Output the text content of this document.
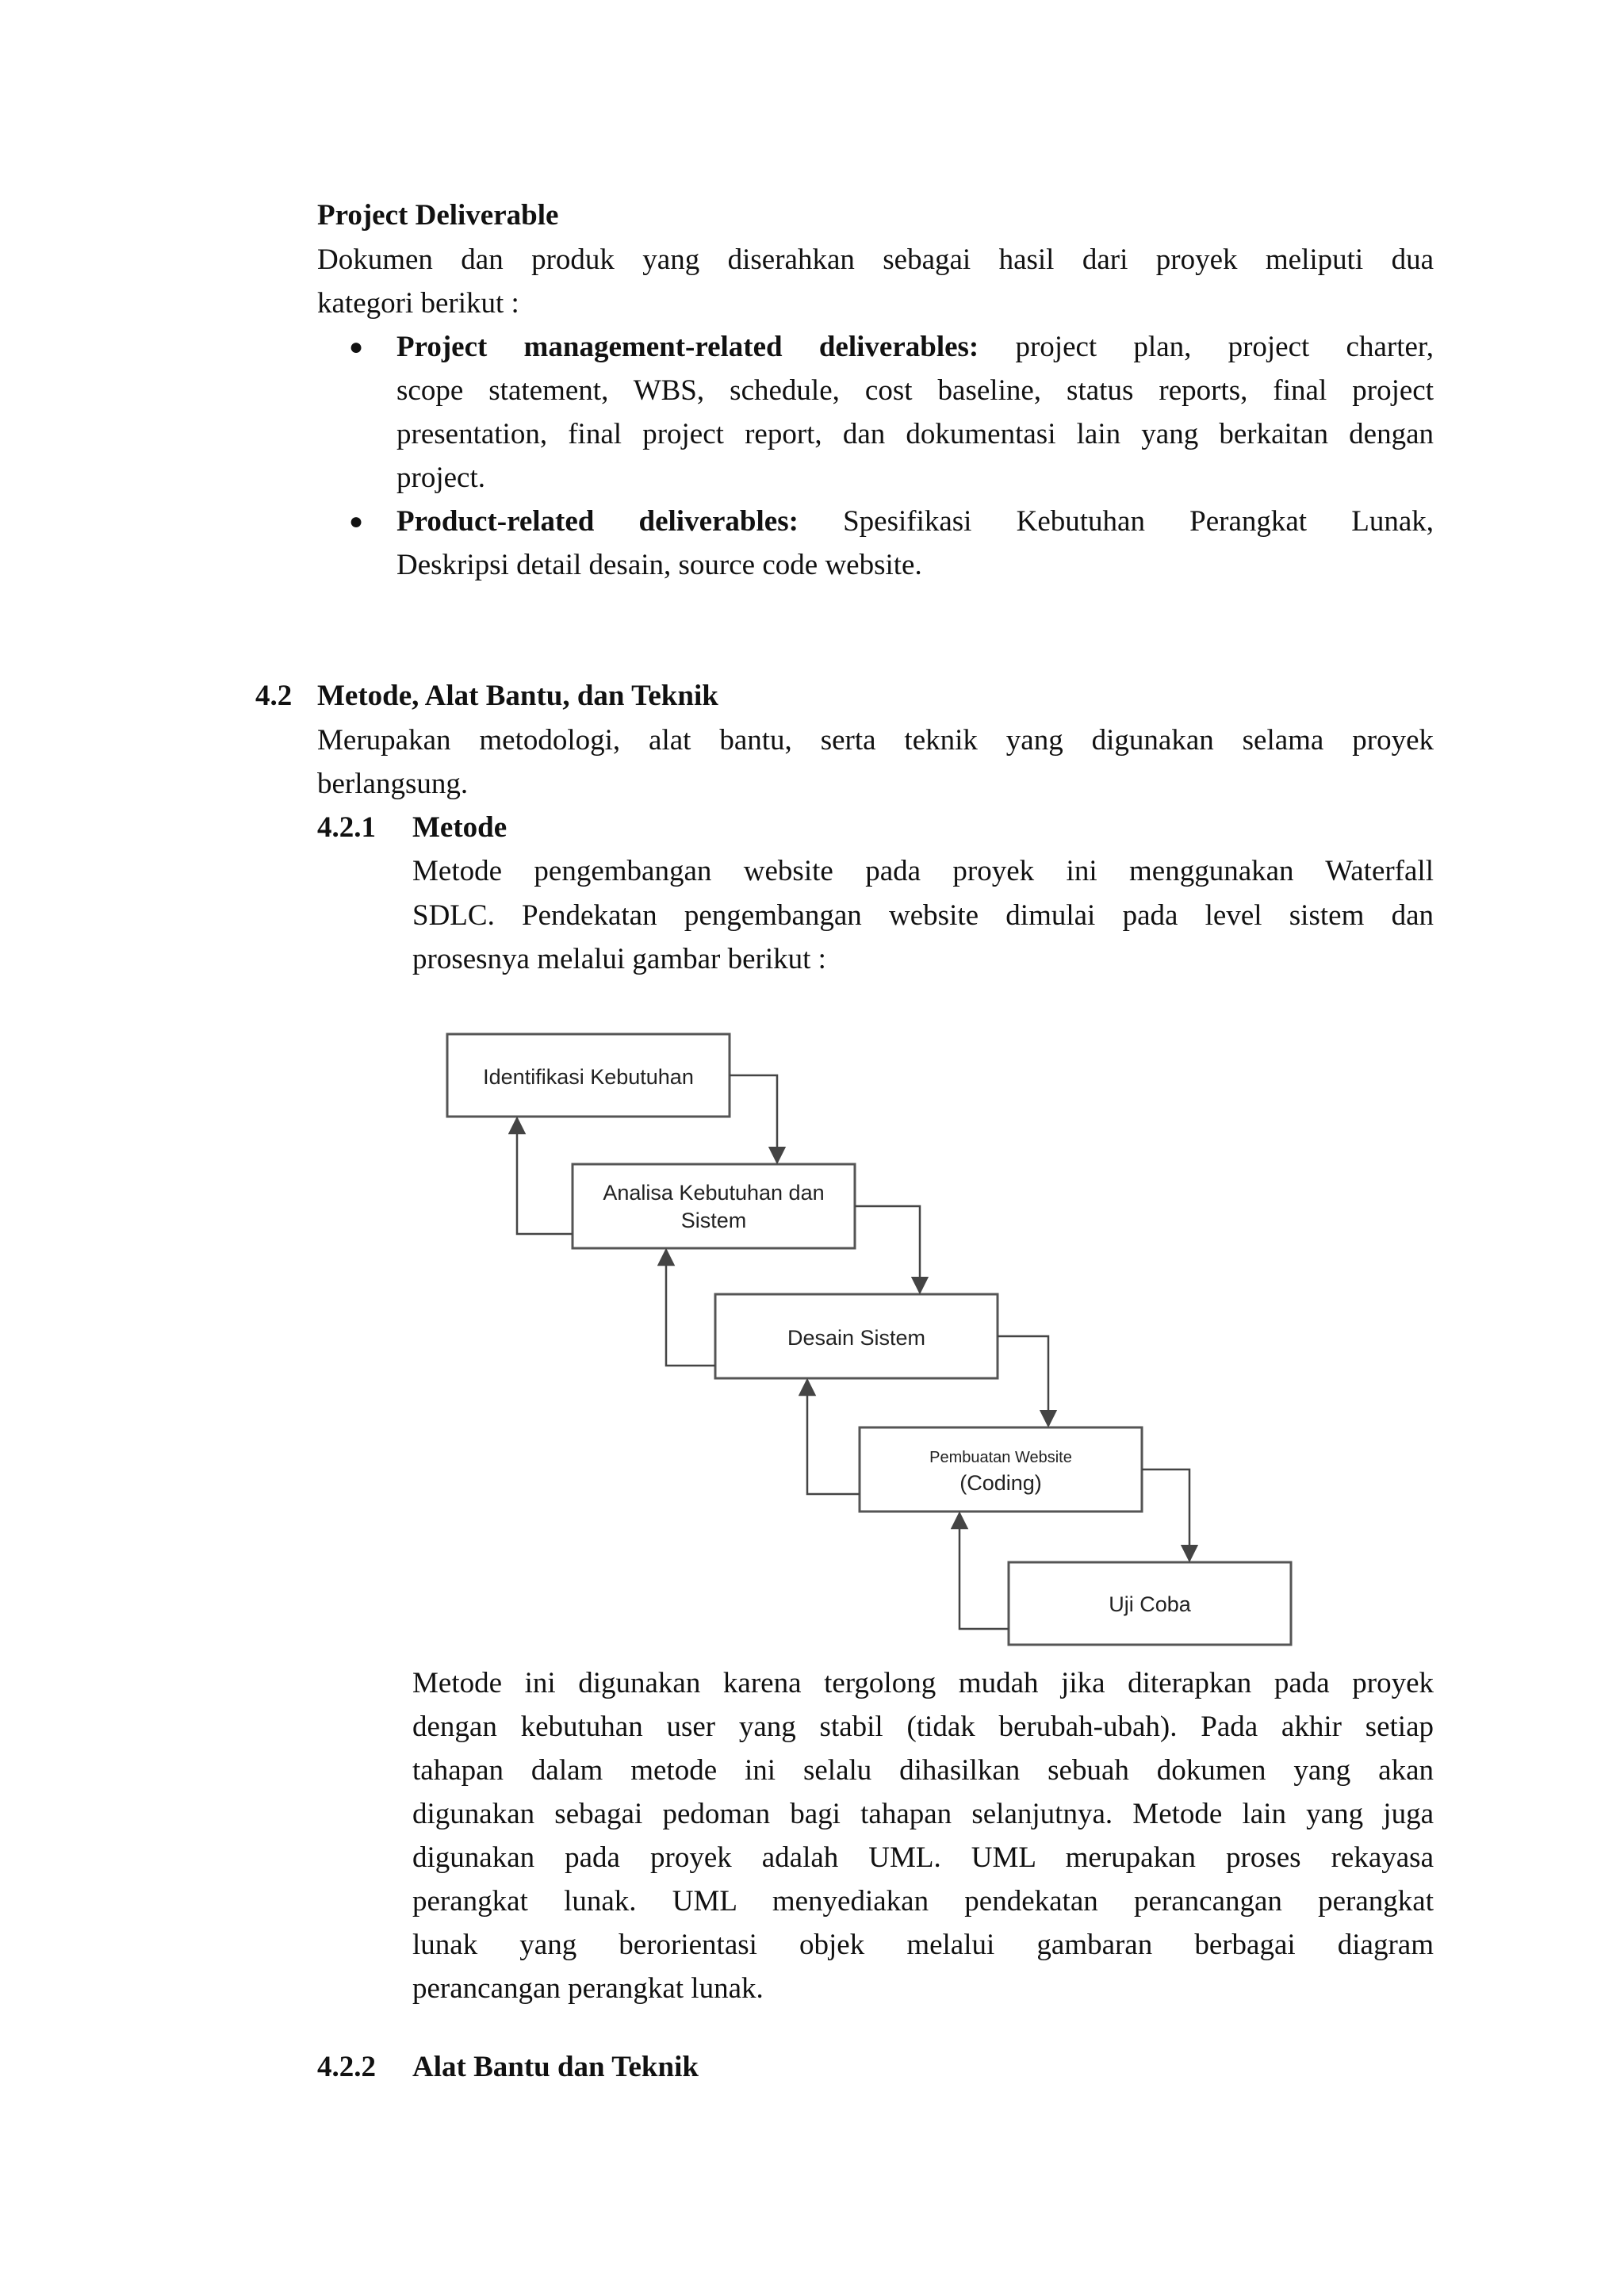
Project Deliverable

Dokumen dan produk yang diserahkan sebagai hasil dari proyek meliputi dua

kategori berikut :

● Project management-related deliverables: project plan, project charter,

scope statement, WBS, schedule, cost baseline, status reports, final project

presentation, final project report, dan dokumentasi lain yang berkaitan dengan

project.

● Product-related deliverables: Spesifikasi Kebutuhan Perangkat Lunak,

Deskripsi detail desain, source code website.

4.2 Metode, Alat Bantu, dan Teknik

Merupakan metodologi, alat bantu, serta teknik yang digunakan selama proyek

berlangsung.

4.2.1 Metode

Metode pengembangan website pada proyek ini menggunakan Waterfall

SDLC. Pendekatan pengembangan website dimulai pada level sistem dan

prosesnya melalui gambar berikut :

Identifikasi Kebutuhan
Analisa Kebutuhan dan
Sistem
Desain Sistem
Pembuatan Website
(Coding)
Uji Coba

Metode ini digunakan karena tergolong mudah jika diterapkan pada proyek

dengan kebutuhan user yang stabil (tidak berubah-ubah). Pada akhir setiap

tahapan dalam metode ini selalu dihasilkan sebuah dokumen yang akan

digunakan sebagai pedoman bagi tahapan selanjutnya. Metode lain yang juga

digunakan pada proyek adalah UML. UML merupakan proses rekayasa

perangkat lunak. UML menyediakan pendekatan perancangan perangkat

lunak yang berorientasi objek melalui gambaran berbagai diagram

perancangan perangkat lunak.

4.2.2 Alat Bantu dan Teknik
